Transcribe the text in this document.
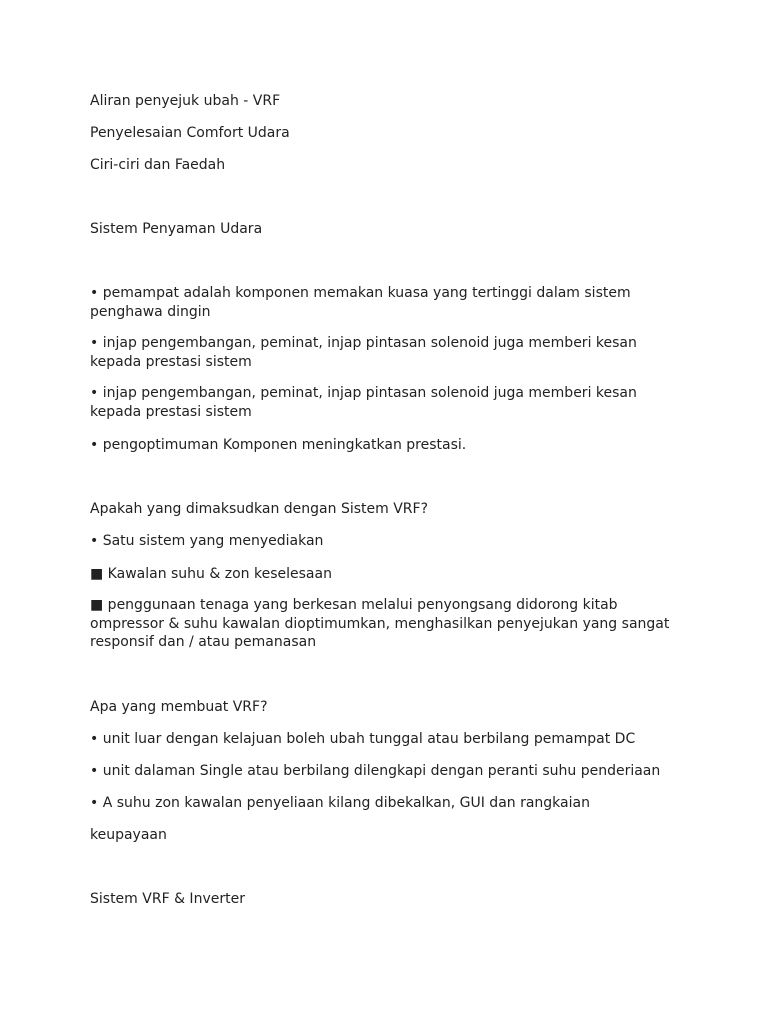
Aliran penyejuk ubah - VRF

Penyelesaian Comfort Udara

Ciri-ciri dan Faedah

Sistem Penyaman Udara

• pemampat adalah komponen memakan kuasa yang tertinggi dalam sistem penghawa dingin

• injap pengembangan, peminat, injap pintasan solenoid juga memberi kesan kepada prestasi sistem

• injap pengembangan, peminat, injap pintasan solenoid juga memberi kesan kepada prestasi sistem

• pengoptimuman Komponen meningkatkan prestasi.

Apakah yang dimaksudkan dengan Sistem VRF?

• Satu sistem yang menyediakan

■ Kawalan suhu & zon keselesaan

■ penggunaan tenaga yang berkesan melalui penyongsang didorong kitab ompressor & suhu kawalan dioptimumkan, menghasilkan penyejukan yang sangat responsif dan / atau pemanasan

Apa yang membuat VRF?

• unit luar dengan kelajuan boleh ubah tunggal atau berbilang pemampat DC

• unit dalaman Single atau berbilang dilengkapi dengan peranti suhu penderiaan

• A suhu zon kawalan penyeliaan kilang dibekalkan, GUI dan rangkaian

keupayaan

Sistem VRF & Inverter
